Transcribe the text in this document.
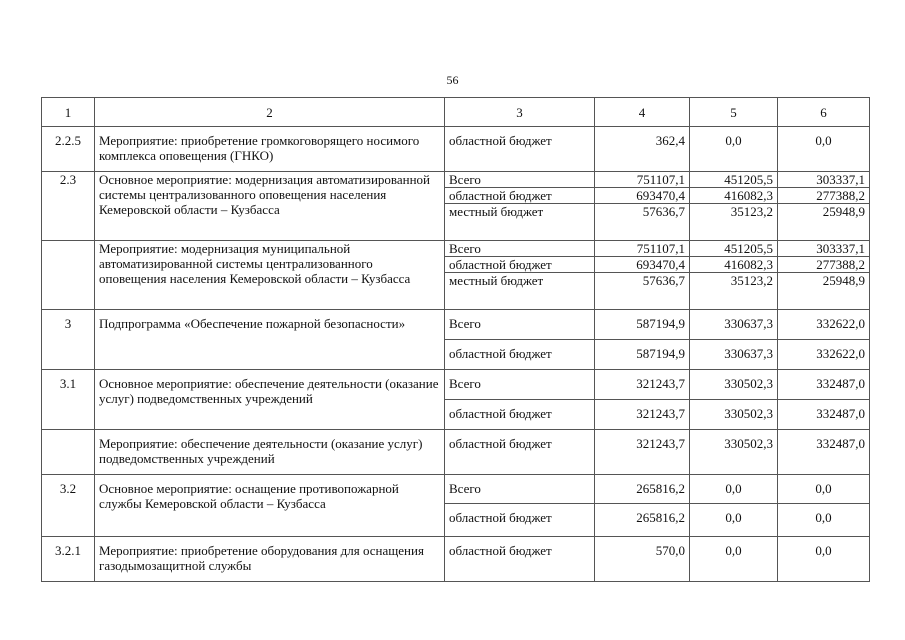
56
1	2	3	4	5	6
2.2.5	Мероприятие: приобретение громкоговорящего носимого комплекса оповещения (ГНКО)	областной бюджет	362,4	0,0	0,0
2.3	Основное мероприятие: модернизация автоматизированной системы централизованного оповещения населения Кемеровской области – Кузбасса	Всего	751107,1	451205,5	303337,1
		областной бюджет	693470,4	416082,3	277388,2
		местный бюджет	57636,7	35123,2	25948,9
	Мероприятие: модернизация муниципальной автоматизированной системы централизованного оповещения населения Кемеровской области – Кузбасса	Всего	751107,1	451205,5	303337,1
		областной бюджет	693470,4	416082,3	277388,2
		местный бюджет	57636,7	35123,2	25948,9
3	Подпрограмма «Обеспечение пожарной безопасности»	Всего	587194,9	330637,3	332622,0
		областной бюджет	587194,9	330637,3	332622,0
3.1	Основное мероприятие: обеспечение деятельности (оказание услуг) подведомственных учреждений	Всего	321243,7	330502,3	332487,0
		областной бюджет	321243,7	330502,3	332487,0
	Мероприятие: обеспечение деятельности (оказание услуг) подведомственных учреждений	областной бюджет	321243,7	330502,3	332487,0
3.2	Основное мероприятие: оснащение противопожарной службы Кемеровской области – Кузбасса	Всего	265816,2	0,0	0,0
		областной бюджет	265816,2	0,0	0,0
3.2.1	Мероприятие: приобретение оборудования для оснащения газодымозащитной службы	областной бюджет	570,0	0,0	0,0
